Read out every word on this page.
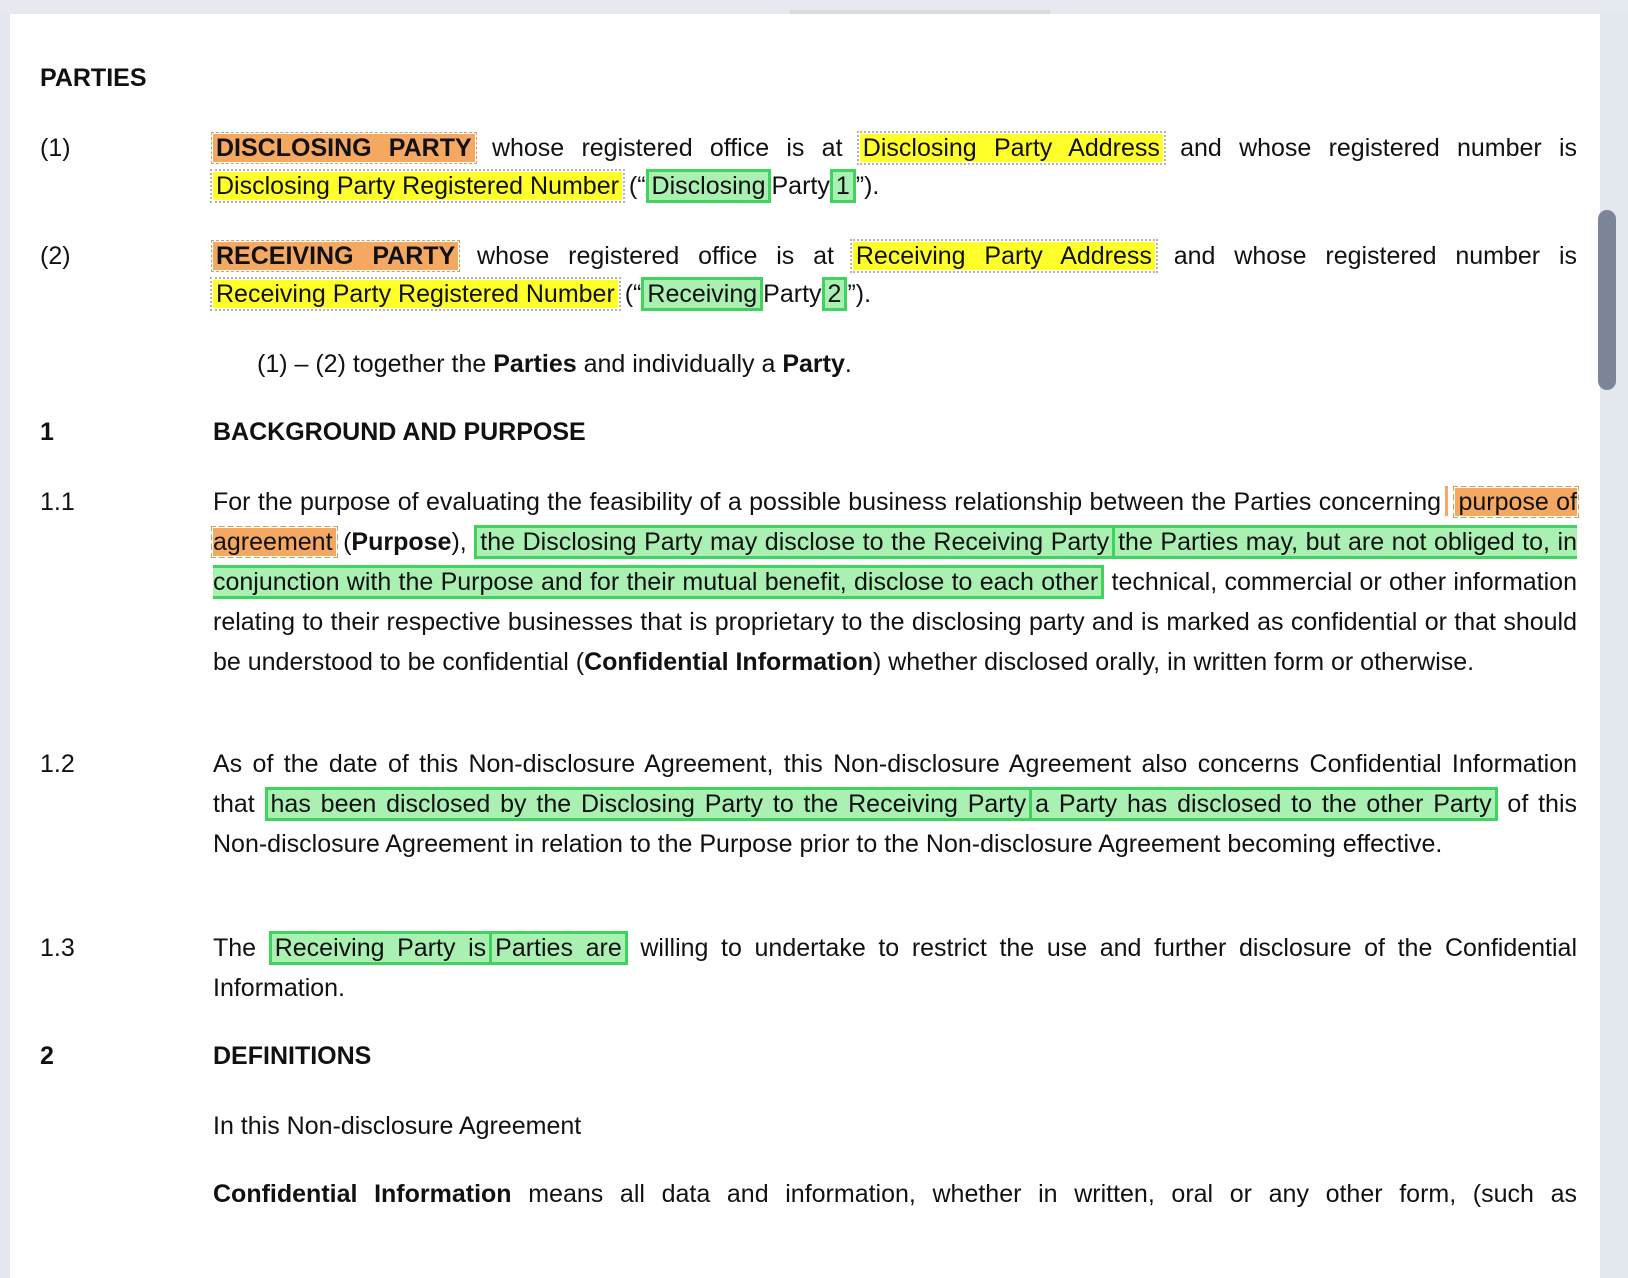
PARTIES
(1)	DISCLOSING PARTY whose registered office is at Disclosing Party Address and whose registered number is
Disclosing Party Registered Number (“ Disclosing Party 1 ”).
(2)	RECEIVING PARTY whose registered office is at Receiving Party Address and whose registered number is
Receiving Party Registered Number (“ Receiving Party 2 ”).
(1) – (2) together the Parties and individually a Party.
1	BACKGROUND AND PURPOSE
1.1	For the purpose of evaluating the feasibility of a possible business relationship between the Parties concerning purpose of agreement (Purpose), the Disclosing Party may disclose to the Receiving Party the Parties may, but are not obliged to, in conjunction with the Purpose and for their mutual benefit, disclose to each other technical, commercial or other information relating to their respective businesses that is proprietary to the disclosing party and is marked as confidential or that should be understood to be confidential (Confidential Information) whether disclosed orally, in written form or otherwise.
1.2	As of the date of this Non-disclosure Agreement, this Non-disclosure Agreement also concerns Confidential Information that has been disclosed by the Disclosing Party to the Receiving Party a Party has disclosed to the other Party of this Non-disclosure Agreement in relation to the Purpose prior to the Non-disclosure Agreement becoming effective.
1.3	The Receiving Party is Parties are willing to undertake to restrict the use and further disclosure of the Confidential Information.
2	DEFINITIONS
In this Non-disclosure Agreement
Confidential Information means all data and information, whether in written, oral or any other form, (such as
